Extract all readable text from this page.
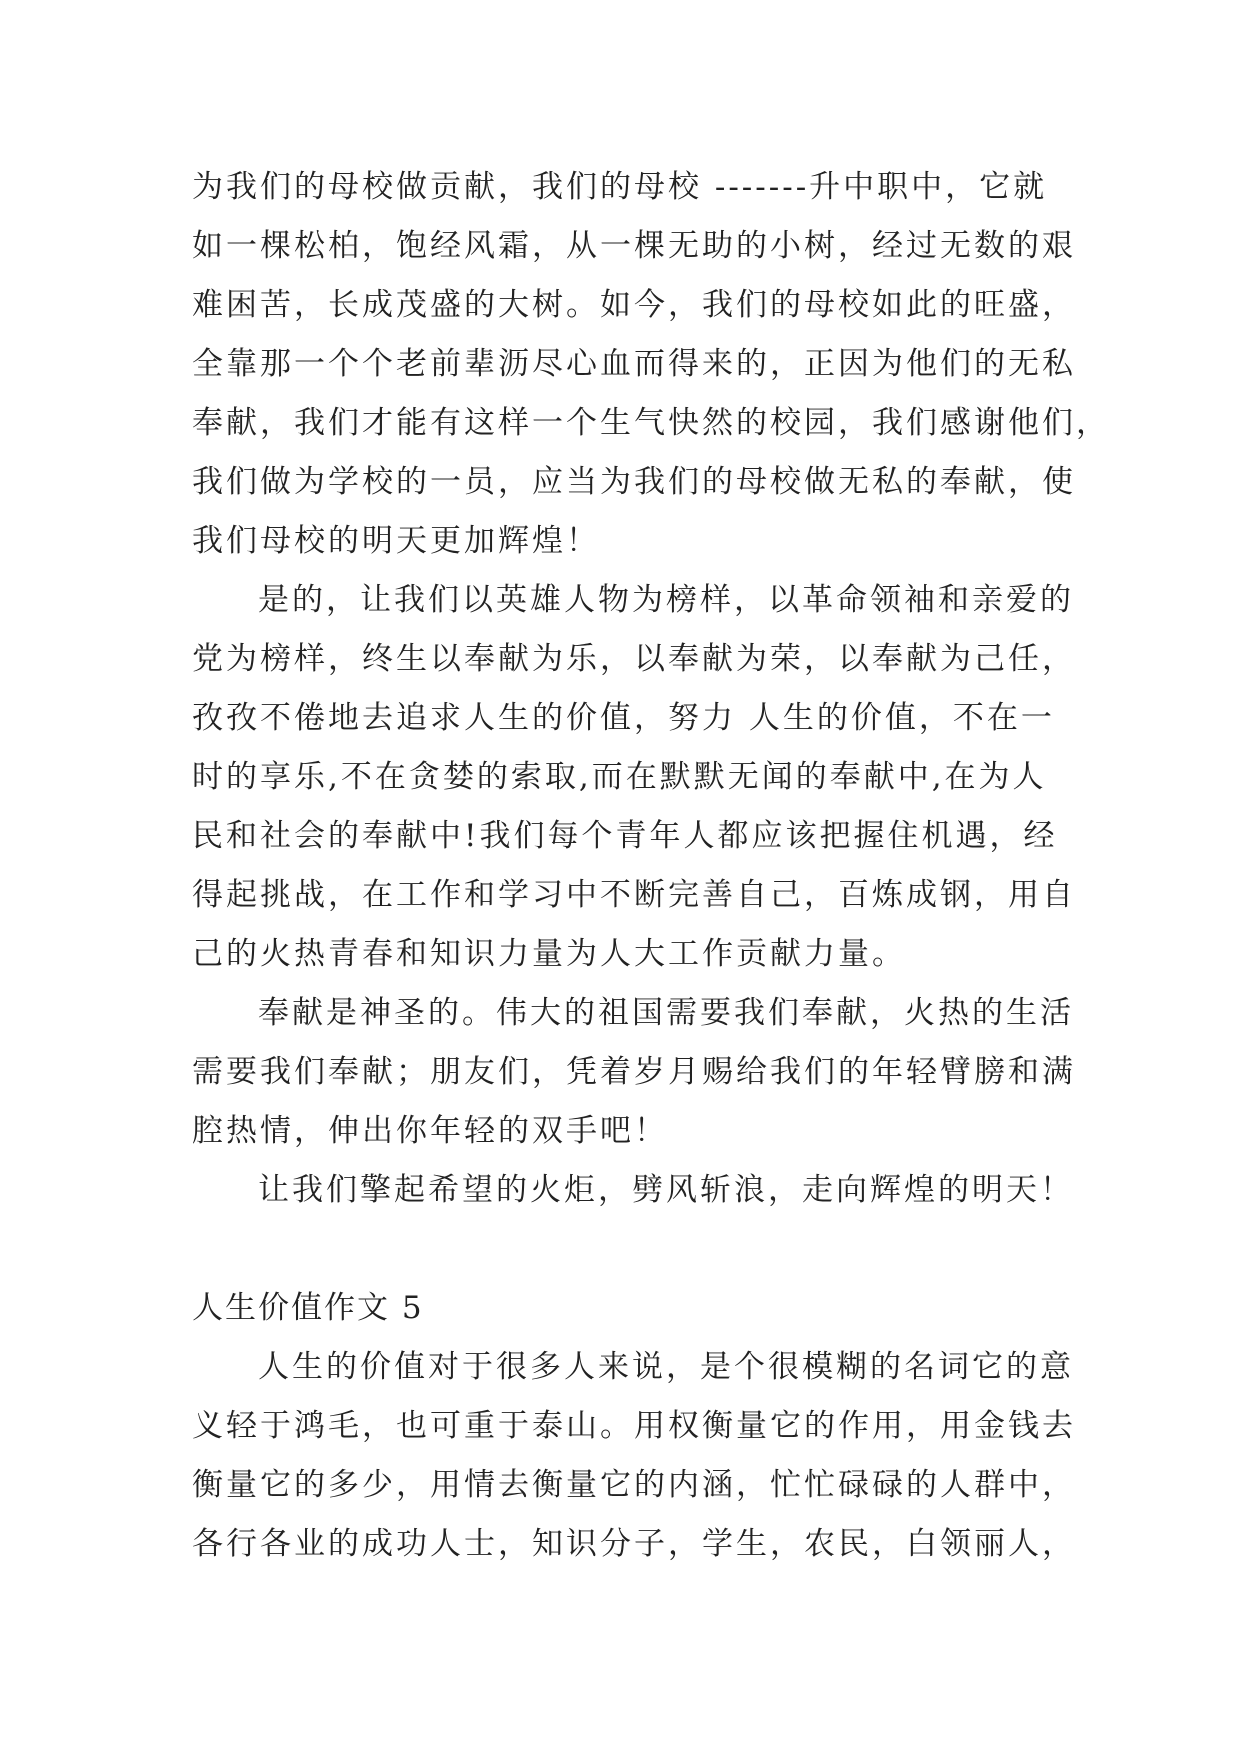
为我们的母校做贡献，我们的母校 -------升中职中，它就
如一棵松柏，饱经风霜，从一棵无助的小树，经过无数的艰
难困苦，长成茂盛的大树。如今，我们的母校如此的旺盛，
全靠那一个个老前辈沥尽心血而得来的，正因为他们的无私
奉献，我们才能有这样一个生气快然的校园，我们感谢他们，
我们做为学校的一员，应当为我们的母校做无私的奉献，使
我们母校的明天更加辉煌！
是的，让我们以英雄人物为榜样，以革命领袖和亲爱的
党为榜样，终生以奉献为乐，以奉献为荣，以奉献为己任，
孜孜不倦地去追求人生的价值，努力 人生的价值，不在一
时的享乐,不在贪婪的索取,而在默默无闻的奉献中,在为人
民和社会的奉献中!我们每个青年人都应该把握住机遇，经
得起挑战，在工作和学习中不断完善自己，百炼成钢，用自
己的火热青春和知识力量为人大工作贡献力量。
奉献是神圣的。伟大的祖国需要我们奉献，火热的生活
需要我们奉献；朋友们，凭着岁月赐给我们的年轻臂膀和满
腔热情，伸出你年轻的双手吧！
让我们擎起希望的火炬，劈风斩浪，走向辉煌的明天！
人生价值作文 5
人生的价值对于很多人来说，是个很模糊的名词它的意
义轻于鸿毛，也可重于泰山。用权衡量它的作用，用金钱去
衡量它的多少，用情去衡量它的内涵，忙忙碌碌的人群中，
各行各业的成功人士，知识分子，学生，农民，白领丽人，
